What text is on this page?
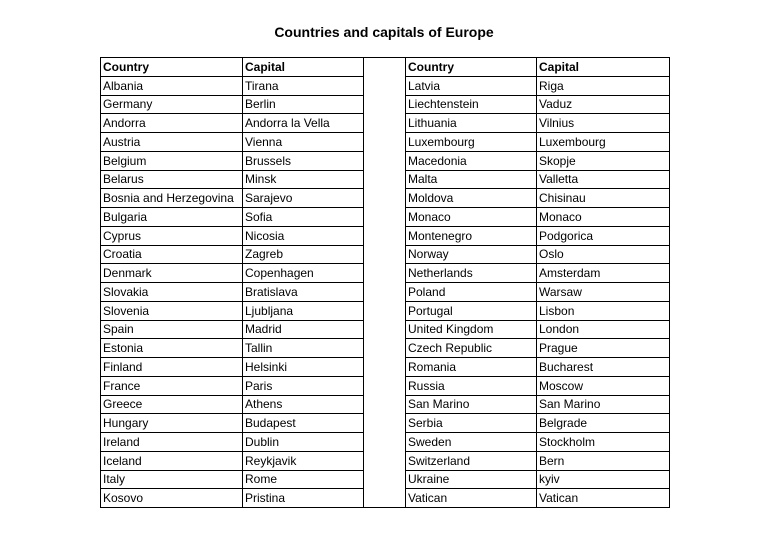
Countries and capitals of Europe
Country	Capital		Country	Capital
Albania	Tirana		Latvia	Riga
Germany	Berlin		Liechtenstein	Vaduz
Andorra	Andorra la Vella		Lithuania	Vilnius
Austria	Vienna		Luxembourg	Luxembourg
Belgium	Brussels		Macedonia	Skopje
Belarus	Minsk		Malta	Valletta
Bosnia and Herzegovina	Sarajevo		Moldova	Chisinau
Bulgaria	Sofia		Monaco	Monaco
Cyprus	Nicosia		Montenegro	Podgorica
Croatia	Zagreb		Norway	Oslo
Denmark	Copenhagen		Netherlands	Amsterdam
Slovakia	Bratislava		Poland	Warsaw
Slovenia	Ljubljana		Portugal	Lisbon
Spain	Madrid		United Kingdom	London
Estonia	Tallin		Czech Republic	Prague
Finland	Helsinki		Romania	Bucharest
France	Paris		Russia	Moscow
Greece	Athens		San Marino	San Marino
Hungary	Budapest		Serbia	Belgrade
Ireland	Dublin		Sweden	Stockholm
Iceland	Reykjavik		Switzerland	Bern
Italy	Rome		Ukraine	kyiv
Kosovo	Pristina		Vatican	Vatican
